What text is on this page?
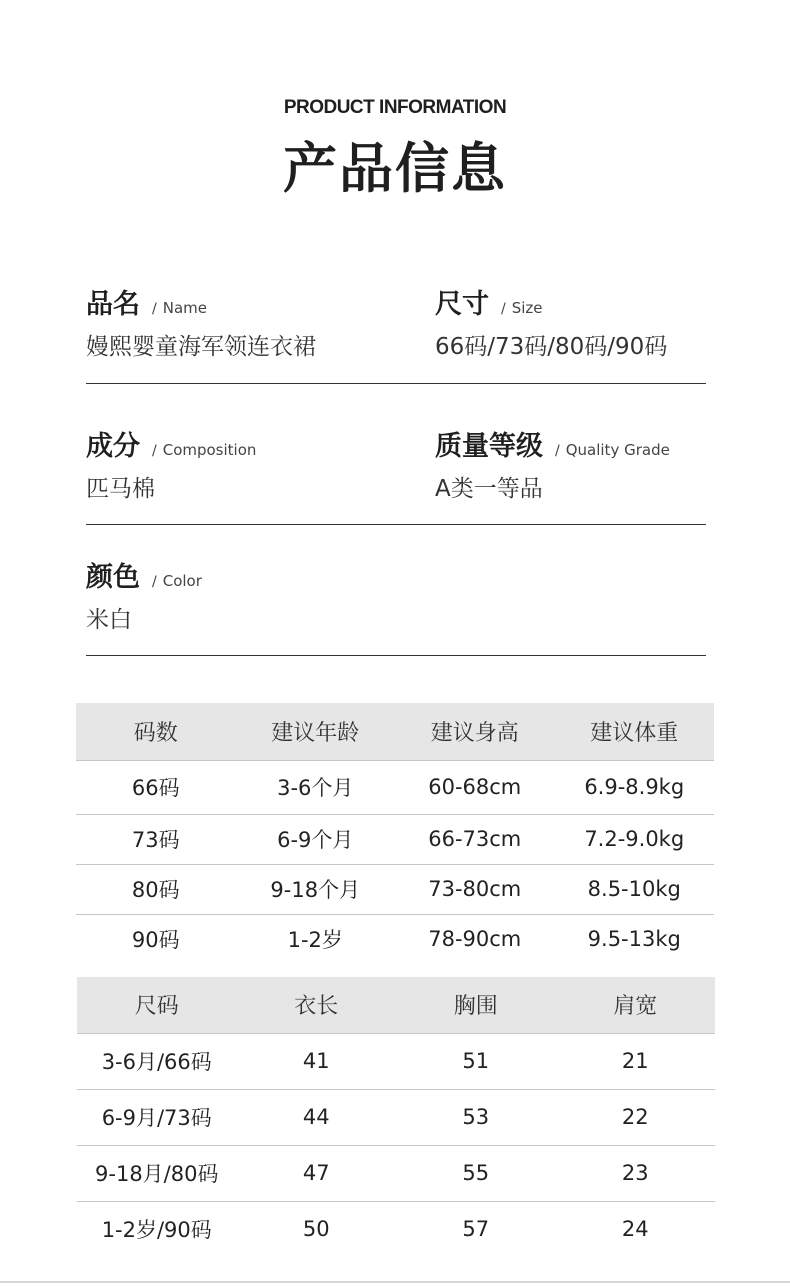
PRODUCT INFORMATION
产品信息
品名 / Name
嫚熙婴童海军领连衣裙
尺寸 / Size
66码/73码/80码/90码
成分 / Composition
匹马棉
质量等级 / Quality Grade
A类一等品
颜色 / Color
米白
码数	建议年龄	建议身高	建议体重
66码	3-6个月	60-68cm	6.9-8.9kg
73码	6-9个月	66-73cm	7.2-9.0kg
80码	9-18个月	73-80cm	8.5-10kg
90码	1-2岁	78-90cm	9.5-13kg
尺码	衣长	胸围	肩宽
3-6月/66码	41	51	21
6-9月/73码	44	53	22
9-18月/80码	47	55	23
1-2岁/90码	50	57	24
